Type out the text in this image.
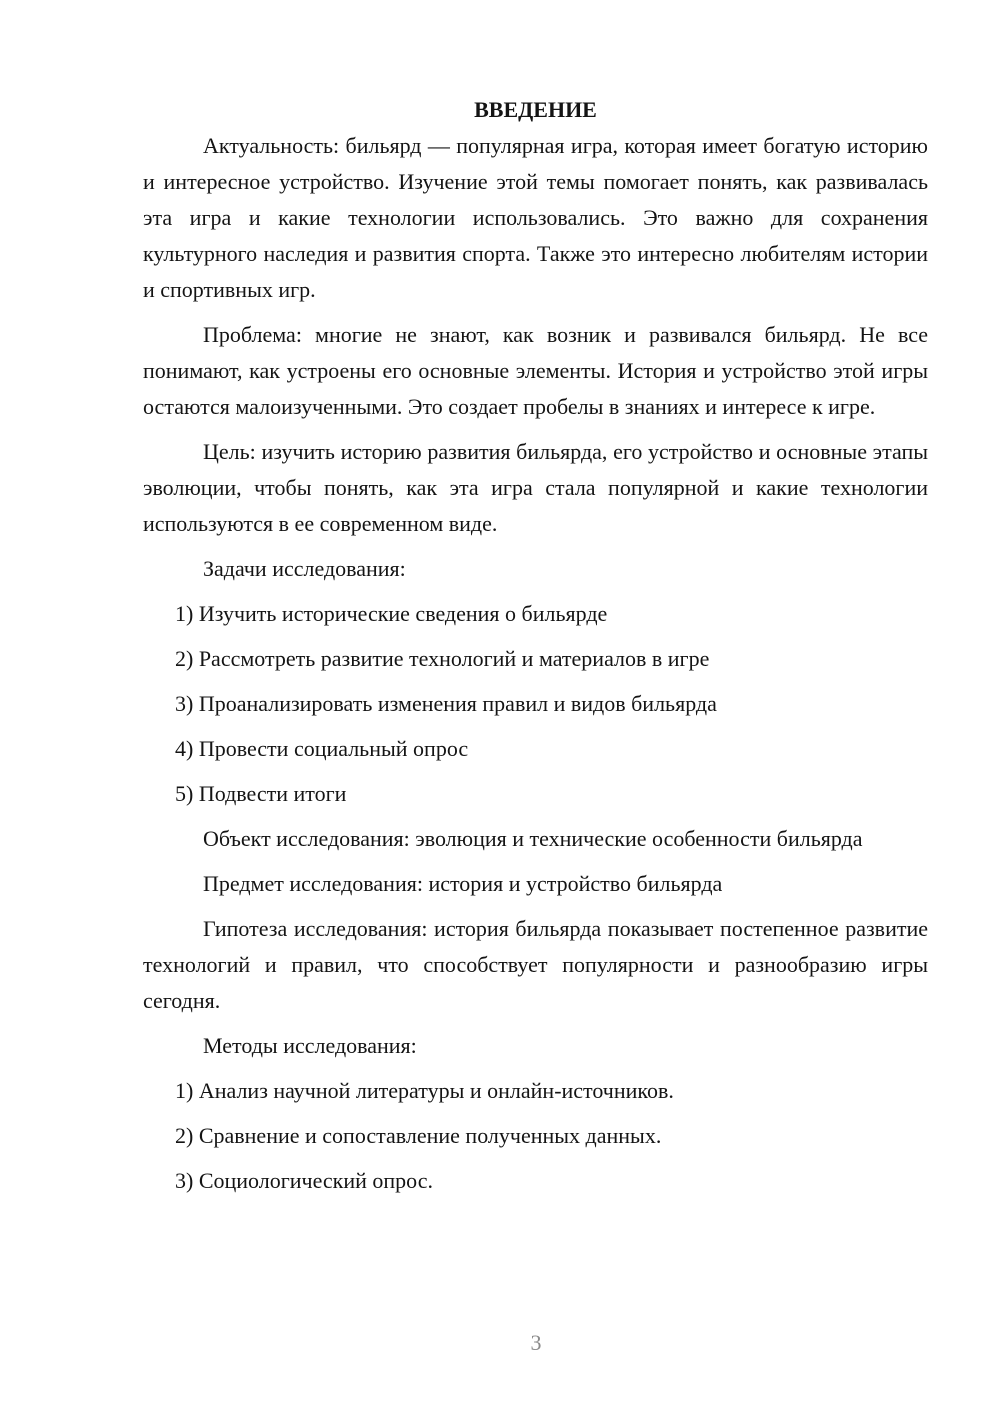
ВВЕДЕНИЕ

Актуальность: бильярд — популярная игра, которая имеет богатую историю и интересное устройство. Изучение этой темы помогает понять, как развивалась эта игра и какие технологии использовались. Это важно для сохранения культурного наследия и развития спорта. Также это интересно любителям истории и спортивных игр.

Проблема: многие не знают, как возник и развивался бильярд. Не все понимают, как устроены его основные элементы. История и устройство этой игры остаются малоизученными. Это создает пробелы в знаниях и интересе к игре.

Цель: изучить историю развития бильярда, его устройство и основные этапы эволюции, чтобы понять, как эта игра стала популярной и какие технологии используются в ее современном виде.

Задачи исследования:

1) Изучить исторические сведения о бильярде
2) Рассмотреть развитие технологий и материалов в игре
3) Проанализировать изменения правил и видов бильярда
4) Провести социальный опрос
5) Подвести итоги

Объект исследования: эволюция и технические особенности бильярда

Предмет исследования: история и устройство бильярда

Гипотеза исследования: история бильярда показывает постепенное развитие технологий и правил, что способствует популярности и разнообразию игры сегодня.

Методы исследования:

1) Анализ научной литературы и онлайн-источников.
2) Сравнение и сопоставление полученных данных.
3) Социологический опрос.
3
